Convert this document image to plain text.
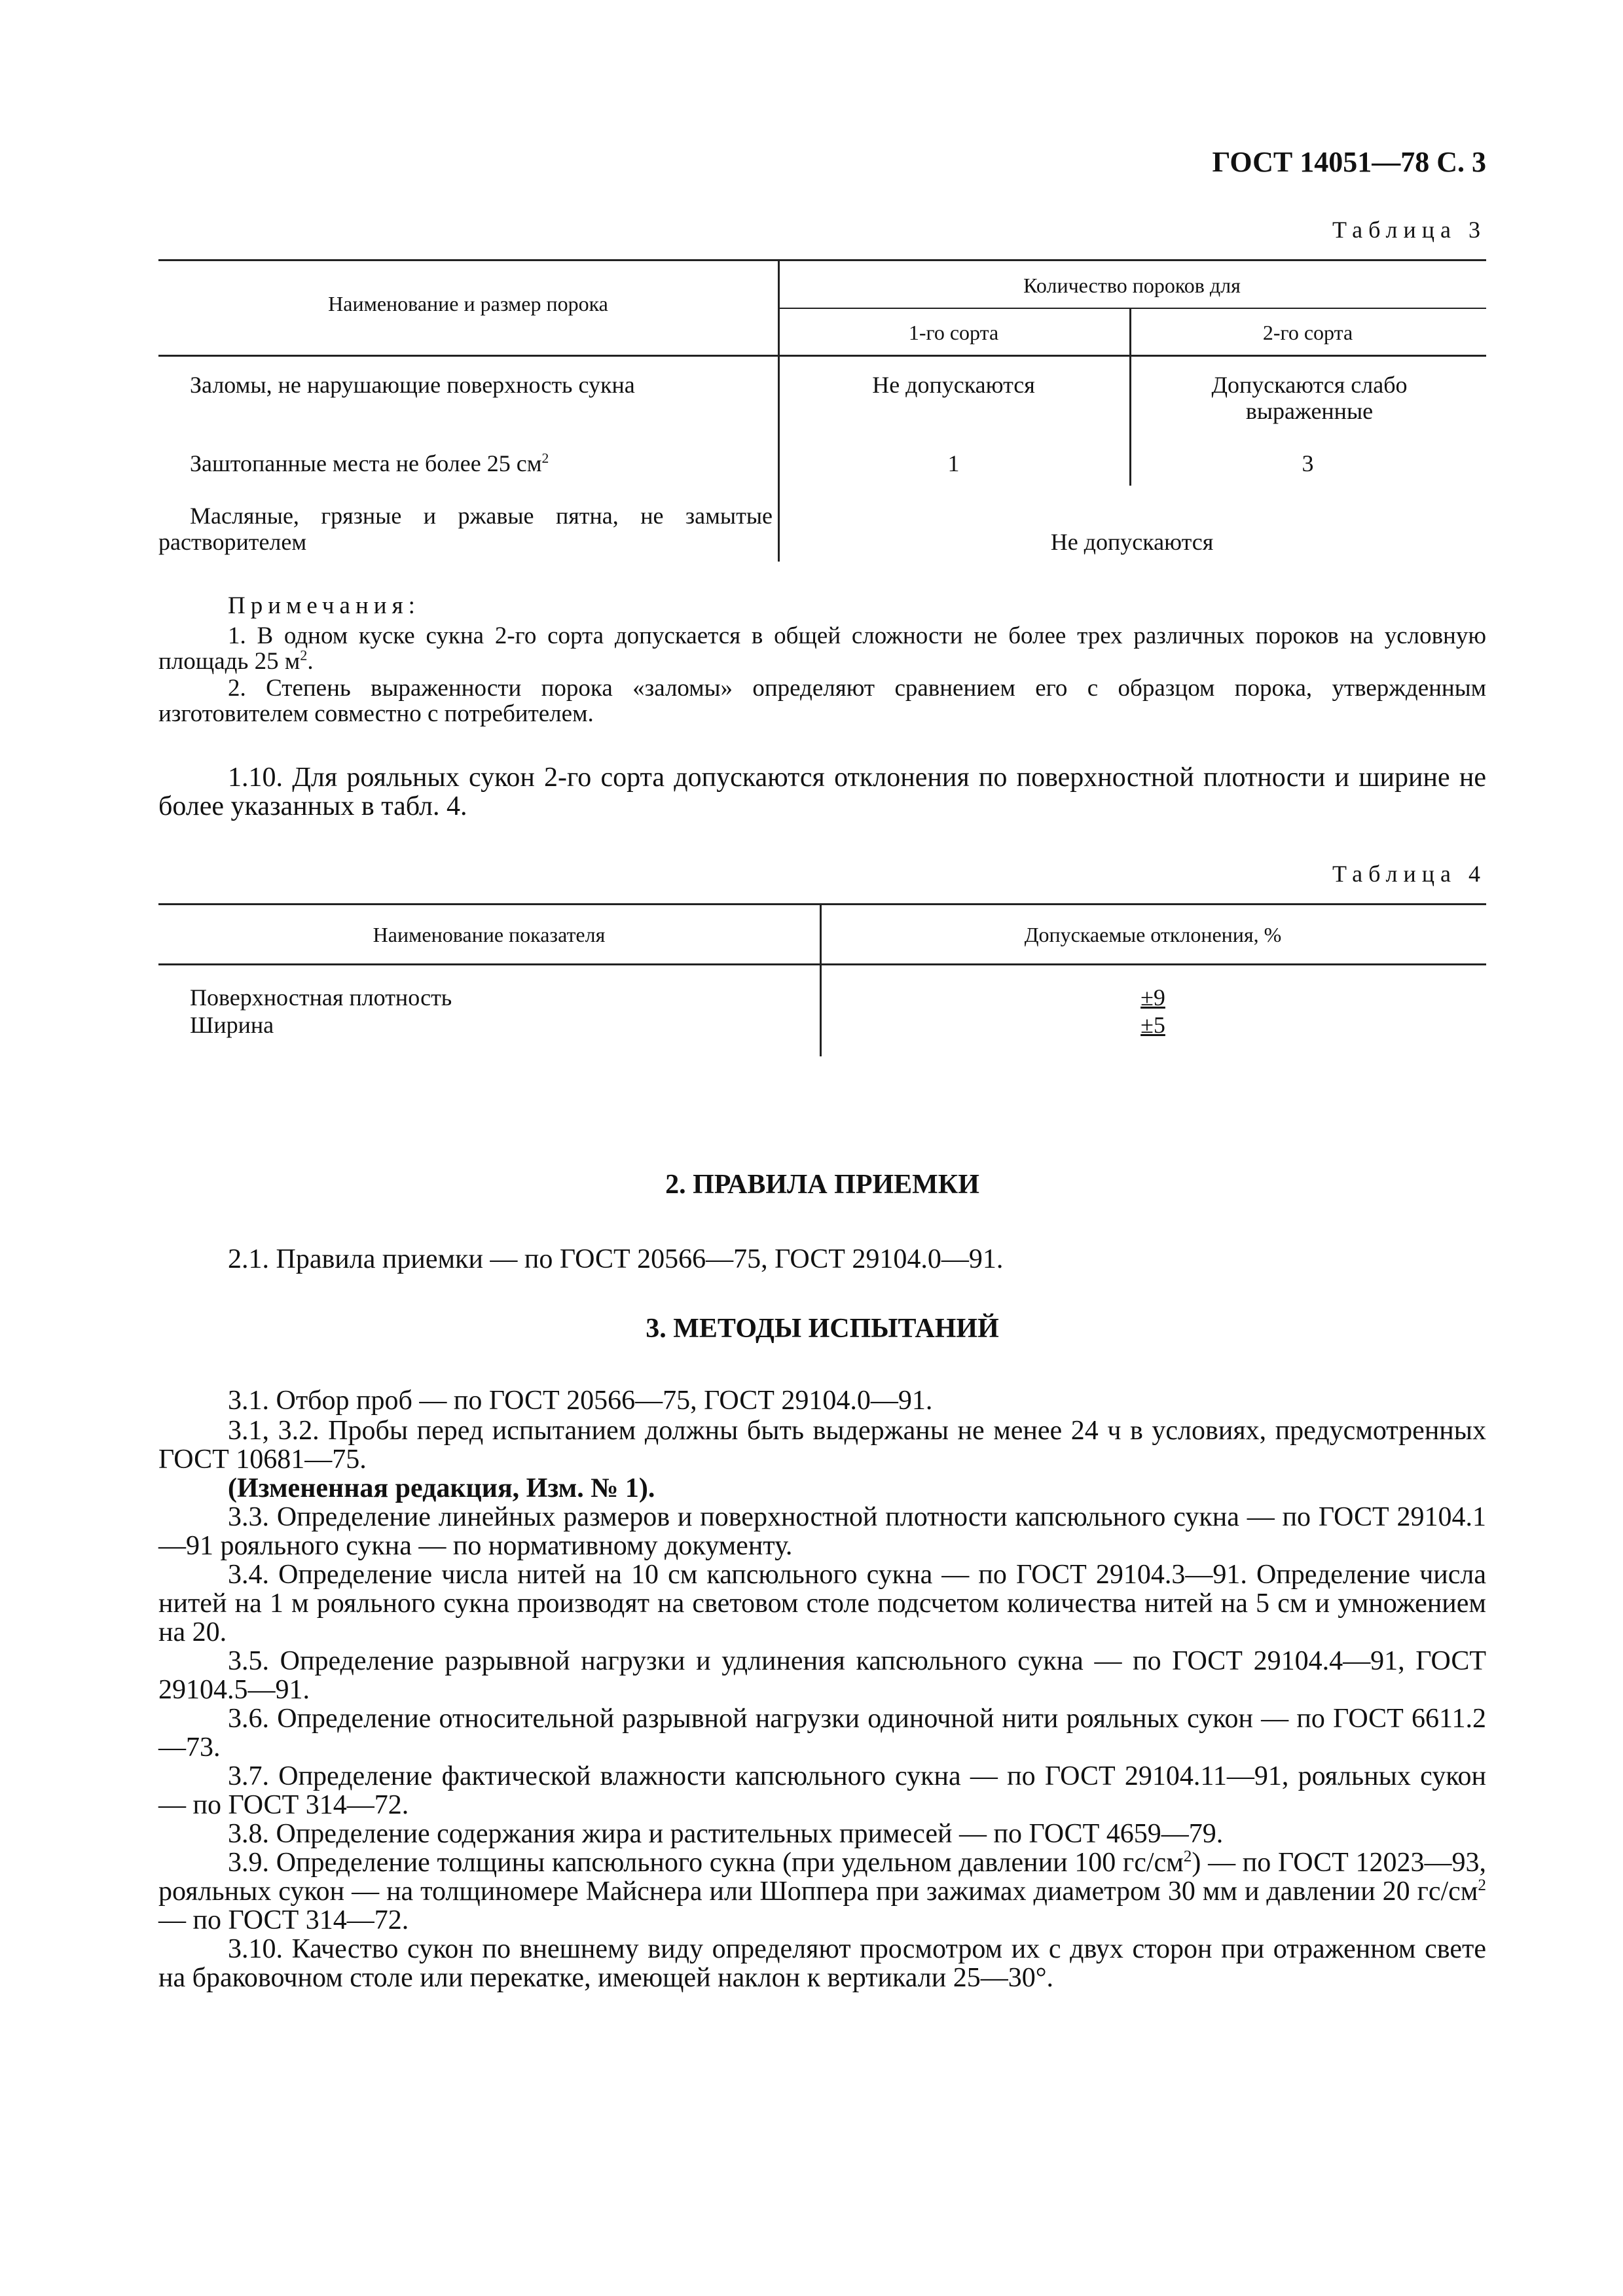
ГОСТ 14051—78 С. 3
Таблица 3
Наименование и размер порока
Количество пороков для
1-го сорта	2-го сорта
Заломы, не нарушающие поверхность сукна	Не допускаются	Допускаются слабо выраженные
Заштопанные места не более 25 $см^2$	1	3
Масляные, грязные и ржавые пятна, не замытые растворителем	Не допускаются
Примечания:
1. В одном куске сукна 2-го сорта допускается в общей сложности не более трех различных пороков на условную площадь 25 $м^2$.
2. Степень выраженности порока «заломы» определяют сравнением его с образцом порока, утвержденным изготовителем совместно с потребителем.
1.10. Для рояльных сукон 2-го сорта допускаются отклонения по поверхностной плотности и ширине не более указанных в табл. 4.
Таблица 4
Наименование показателя	Допускаемые отклонения, %
Поверхностная плотность	±9
Ширина	±5
2. ПРАВИЛА ПРИЕМКИ
2.1. Правила приемки — по ГОСТ 20566—75, ГОСТ 29104.0—91.
3. МЕТОДЫ ИСПЫТАНИЙ
3.1. Отбор проб — по ГОСТ 20566—75, ГОСТ 29104.0—91.
3.1, 3.2. Пробы перед испытанием должны быть выдержаны не менее 24 ч в условиях, предусмотренных ГОСТ 10681—75.
(Измененная редакция, Изм. № 1).
3.3. Определение линейных размеров и поверхностной плотности капсюльного сукна — по ГОСТ 29104.1—91 рояльного сукна — по нормативному документу.
3.4. Определение числа нитей на 10 см капсюльного сукна — по ГОСТ 29104.3—91. Определение числа нитей на 1 м рояльного сукна производят на световом столе подсчетом количества нитей на 5 см и умножением на 20.
3.5. Определение разрывной нагрузки и удлинения капсюльного сукна — по ГОСТ 29104.4—91, ГОСТ 29104.5—91.
3.6. Определение относительной разрывной нагрузки одиночной нити рояльных сукон — по ГОСТ 6611.2—73.
3.7. Определение фактической влажности капсюльного сукна — по ГОСТ 29104.11—91, рояльных сукон — по ГОСТ 314—72.
3.8. Определение содержания жира и растительных примесей — по ГОСТ 4659—79.
3.9. Определение толщины капсюльного сукна (при удельном давлении 100 $гс/см^2$) — по ГОСТ 12023—93, рояльных сукон — на толщиномере Майснера или Шоппера при зажимах диаметром 30 мм и давлении 20 $гс/см^2$ — по ГОСТ 314—72.
3.10. Качество сукон по внешнему виду определяют просмотром их с двух сторон при отраженном свете на браковочном столе или перекатке, имеющей наклон к вертикали 25—30°.
